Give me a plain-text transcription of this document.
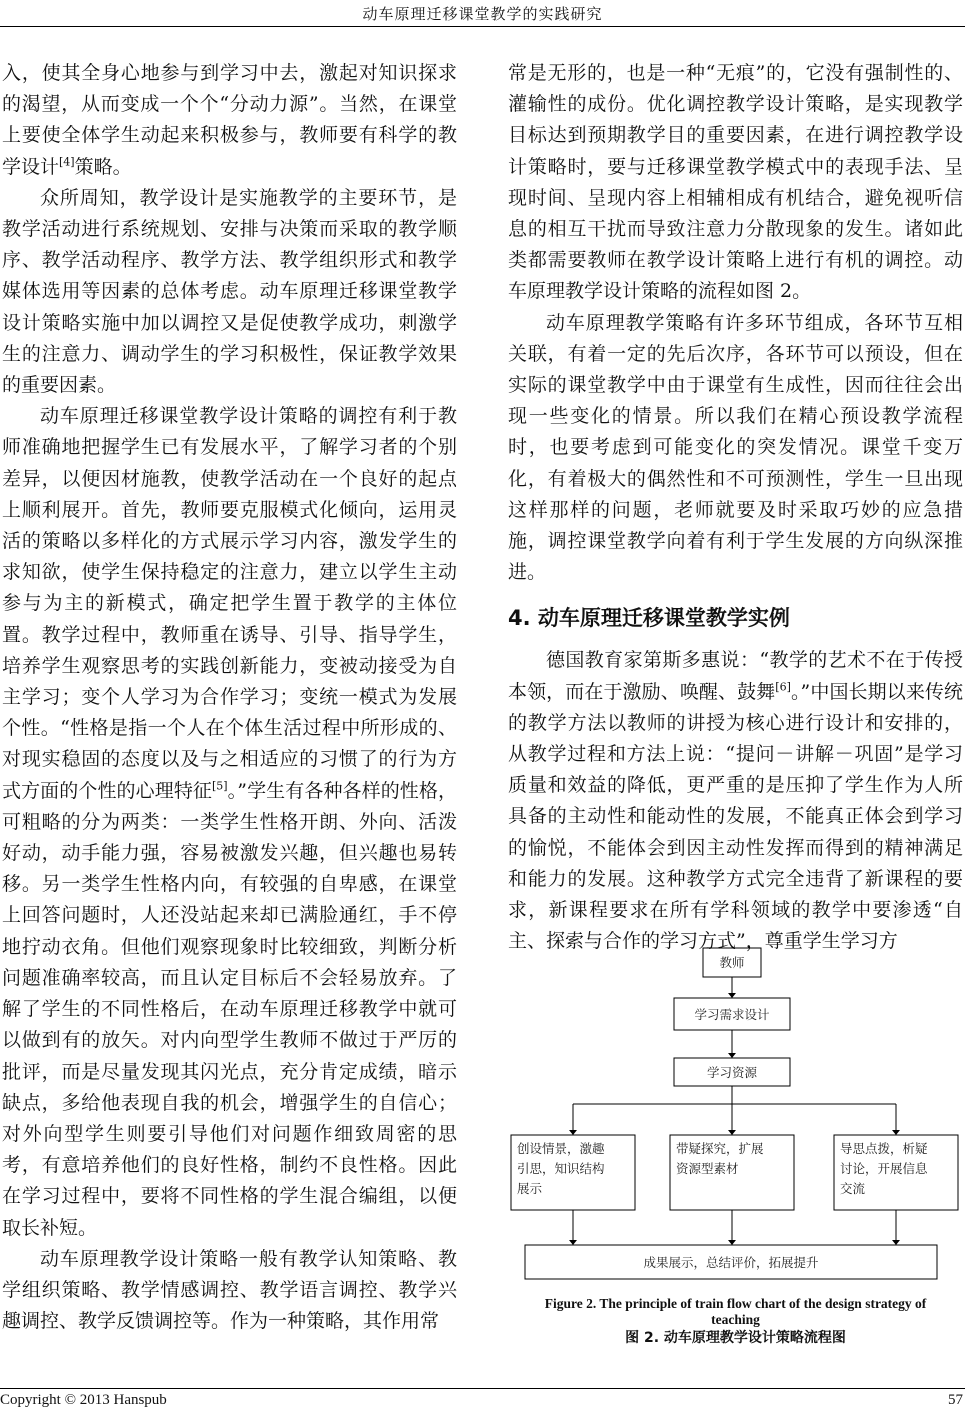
动车原理迁移课堂教学的实践研究

入，使其全身心地参与到学习中去，激起对知识探求的渴望，从而变成一个个“分动力源”。当然，在课堂上要使全体学生动起来积极参与，教师要有科学的教学设计[4]策略。

众所周知，教学设计是实施教学的主要环节，是教学活动进行系统规划、安排与决策而采取的教学顺序、教学活动程序、教学方法、教学组织形式和教学媒体选用等因素的总体考虑。动车原理迁移课堂教学设计策略实施中加以调控又是促使教学成功，刺激学生的注意力、调动学生的学习积极性，保证教学效果的重要因素。

动车原理迁移课堂教学设计策略的调控有利于教师准确地把握学生已有发展水平，了解学习者的个别差异，以便因材施教，使教学活动在一个良好的起点上顺利展开。首先，教师要克服模式化倾向，运用灵活的策略以多样化的方式展示学习内容，激发学生的求知欲，使学生保持稳定的注意力，建立以学生主动参与为主的新模式，确定把学生置于教学的主体位置。教学过程中，教师重在诱导、引导、指导学生，培养学生观察思考的实践创新能力，变被动接受为自主学习；变个人学习为合作学习；变统一模式为发展个性。“性格是指一个人在个体生活过程中所形成的、对现实稳固的态度以及与之相适应的习惯了的行为方式方面的个性的心理特征[5]。”学生有各种各样的性格，可粗略的分为两类：一类学生性格开朗、外向、活泼好动，动手能力强，容易被激发兴趣，但兴趣也易转移。另一类学生性格内向，有较强的自卑感，在课堂上回答问题时，人还没站起来却已满脸通红，手不停地拧动衣角。但他们观察现象时比较细致，判断分析问题准确率较高，而且认定目标后不会轻易放弃。了解了学生的不同性格后，在动车原理迁移教学中就可以做到有的放矢。对内向型学生教师不做过于严厉的批评，而是尽量发现其闪光点，充分肯定成绩，暗示缺点，多给他表现自我的机会，增强学生的自信心；对外向型学生则要引导他们对问题作细致周密的思考，有意培养他们的良好性格，制约不良性格。因此在学习过程中，要将不同性格的学生混合编组，以便取长补短。

动车原理教学设计策略一般有教学认知策略、教学组织策略、教学情感调控、教学语言调控、教学兴趣调控、教学反馈调控等。作为一种策略，其作用常

常是无形的，也是一种“无痕”的，它没有强制性的、灌输性的成份。优化调控教学设计策略，是实现教学目标达到预期教学目的重要因素，在进行调控教学设计策略时，要与迁移课堂教学模式中的表现手法、呈现时间、呈现内容上相辅相成有机结合，避免视听信息的相互干扰而导致注意力分散现象的发生。诸如此类都需要教师在教学设计策略上进行有机的调控。动车原理教学设计策略的流程如图 2。

动车原理教学策略有许多环节组成，各环节互相关联，有着一定的先后次序，各环节可以预设，但在实际的课堂教学中由于课堂有生成性，因而往往会出现一些变化的情景。所以我们在精心预设教学流程时，也要考虑到可能变化的突发情况。课堂千变万化，有着极大的偶然性和不可预测性，学生一旦出现这样那样的问题，老师就要及时采取巧妙的应急措施，调控课堂教学向着有利于学生发展的方向纵深推进。

4. 动车原理迁移课堂教学实例

德国教育家第斯多惠说：“教学的艺术不在于传授本领，而在于激励、唤醒、鼓舞[6]。”中国长期以来传统的教学方法以教师的讲授为核心进行设计和安排的，从教学过程和方法上说：“提问－讲解－巩固”是学习质量和效益的降低，更严重的是压抑了学生作为人所具备的主动性和能动性的发展，不能真正体会到学习的愉悦，不能体会到因主动性发挥而得到的精神满足和能力的发展。这种教学方式完全违背了新课程的要求，新课程要求在所有学科领域的教学中要渗透“自主、探索与合作的学习方式”，尊重学生学习方

教师
学习需求设计
学习资源
创设情景，激趣
引思，知识结构
展示
带疑探究，扩展
资源型素材
导思点拨，析疑
讨论，开展信息
交流
成果展示，总结评价，拓展提升
Figure 2. The principle of train flow chart of the design strategy of
teaching
图 2. 动车原理教学设计策略流程图
Copyright © 2013 Hanspub	57
